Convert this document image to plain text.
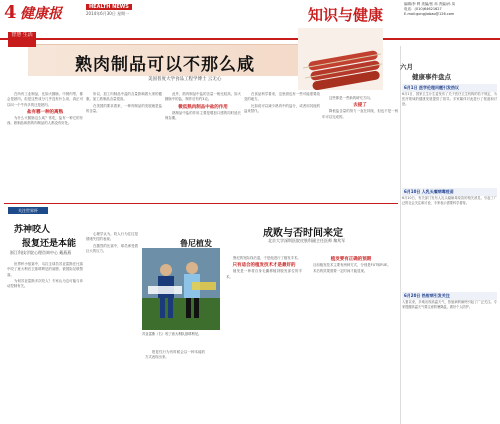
4 健康报	HEALTH NEWS
2014年6月30日 星期一	知识与健康
编辑/李 利 美编/张 冉 责编/孙 凤
电话：(010)64621627
E-mail:gongjiabao@126.com
智慧 生活
熟肉制品可以不那么咸
美国普度大学食品工程学博士 云无心

在所有工业制品，比如火腿肠、中餐肉等，都会是熟肉。但是这些成分几乎没有什么用，真正可以叫一个牛肉多的还是熟肉。

盐有哪一种的离熟

为什么火腿肠这么咸？常吃，盐有一种它的东西。熟制品和熟的肉制品的人都没有好处。

所以，加工肉制品中盐的含量影响着大家的健康。加工熟制品含量很高。

在美国的要求看来，一种肉制品的发展就是盐的含量。

此外，熟肉制品中盐的含量一般比较高，如火腿肠中的盐，制作后有约3克。

微低熟肉制品中盐的作用

熟制品中盐的作用主要是增加口感的同时延长保存期。

在食品科学看来，这里面也有一些可能需要改变的地方。

比如说可以减少熟肉中的盐分，或者用其他的盐来替代。

这些都是一些新的研究方向。

去提了

降低盐含量的努力一直在持续，但也不是一两年可以完成的。

六月
健康事件盘点
6月1日 医学伦理问题引发热议
6月1日，国家卫生计生委发布了关于医疗卫生机构的若干规定，为医疗领域的健康发展提供了指导。多家媒体对此进行了报道和讨论。
6月10日 人乳头瘤病毒疫苗
6月10日，有关部门发布人乳头瘤病毒疫苗的相关消息，引起了广泛的社会关注和讨论，专家表示需要科学看待。
6月20日 热射病引发关注
入夏以来，多地出现高温天气，热射病的病例引起了广泛关注。专家提醒高温天气要注意防暑降温，做好个人防护。
关注世界杯
苏神咬人
报复还是本能
浙江科技学院心理咨询中心 戴燕燕

世界杯小组赛中，乌拉圭球员苏亚雷斯在比赛中咬了意大利后卫基耶利尼的肩膀，被国际足联禁赛。

为何苏亚雷斯多次咬人？专家认为这可能与冲动控制有关。

心理学认为，咬人行为往往是情绪失控的表现。

在激烈的比赛中，球员承受着巨大的压力。

苏亚雷斯（右）咬了意大利队基耶利尼。

报复性行为有时候会以一种本能的方式表现出来。

鲁尼植发
成败与否时间来定
北京大学深圳医院皮肤科副主任医师 黎兆军

鲁尼的发际线后退，于是他进行了植发手术。

只有适合的植发技术才是最好的

植发是一种将自身毛囊移植到脱发部位的手术。

植发要有正确的预期

目前植发技术主要有两种方式，分别是FUT和FUE。

术后的效果需要一定时间才能显现。
